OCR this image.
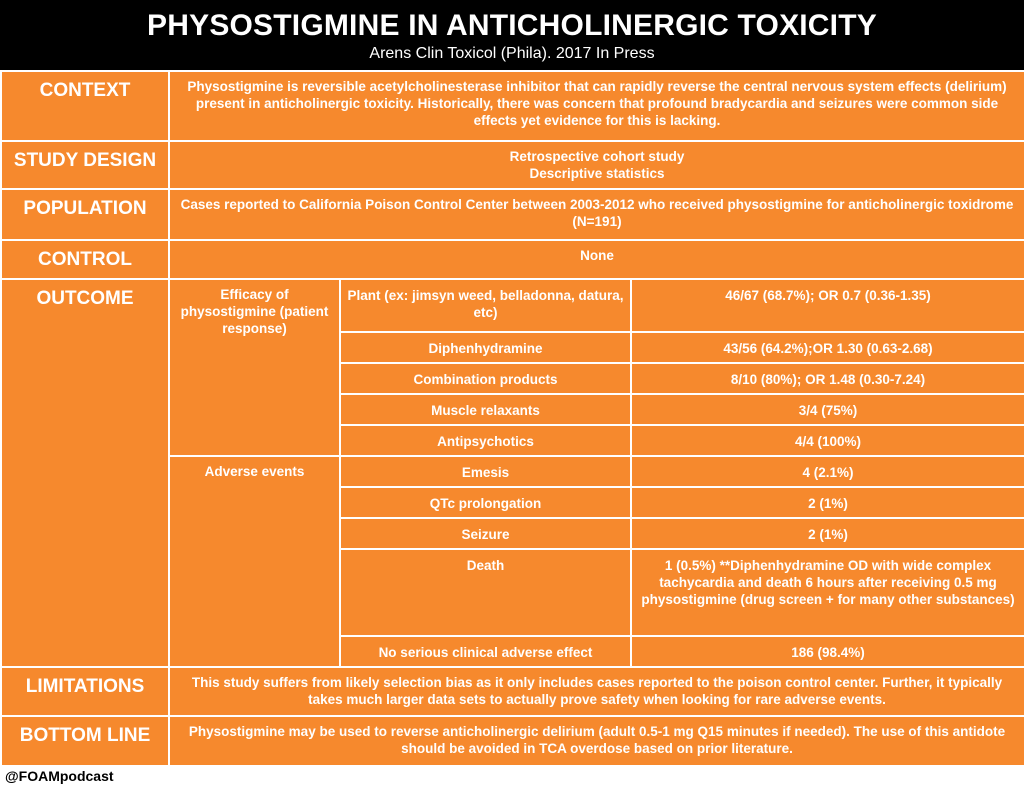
PHYSOSTIGMINE IN ANTICHOLINERGIC TOXICITY
Arens Clin Toxicol (Phila). 2017 In Press
CONTEXT	Physostigmine is reversible acetylcholinesterase inhibitor that can rapidly reverse the central nervous system effects (delirium) present in anticholinergic toxicity. Historically, there was concern that profound bradycardia and seizures were common side effects yet evidence for this is lacking.		
STUDY DESIGN	Retrospective cohort study
Descriptive statistics		

POPULATION	Cases reported to California Poison Control Center between 2003-2012 who received physostigmine for anticholinergic toxidrome (N=191)		
CONTROL	None		
OUTCOME	Efficacy of physostigmine (patient response)	Plant (ex: jimsyn weed, belladonna, datura, etc)	46/67 (68.7%); OR 0.7 (0.36-1.35)
		Diphenhydramine	43/56 (64.2%);OR 1.30 (0.63-2.68)
		Combination products	8/10 (80%); OR 1.48 (0.30-7.24)
		Muscle relaxants	3/4 (75%)
		Antipsychotics	4/4 (100%)
	Adverse events	Emesis	4 (2.1%)
		QTc prolongation	2 (1%)
		Seizure	2 (1%)
		Death	1 (0.5%) **Diphenhydramine OD with wide complex tachycardia and death 6 hours after receiving 0.5 mg physostigmine (drug screen + for many other substances)
		No serious clinical adverse effect	186 (98.4%)
LIMITATIONS	This study suffers from likely selection bias as it only includes cases reported to the poison control center. Further, it typically takes much larger data sets to actually prove safety when looking for rare adverse events.		
BOTTOM LINE	Physostigmine may be used to reverse anticholinergic delirium (adult 0.5-1 mg Q15 minutes if needed). The use of this antidote should be avoided in TCA overdose based on prior literature.		
@FOAMpodcast
